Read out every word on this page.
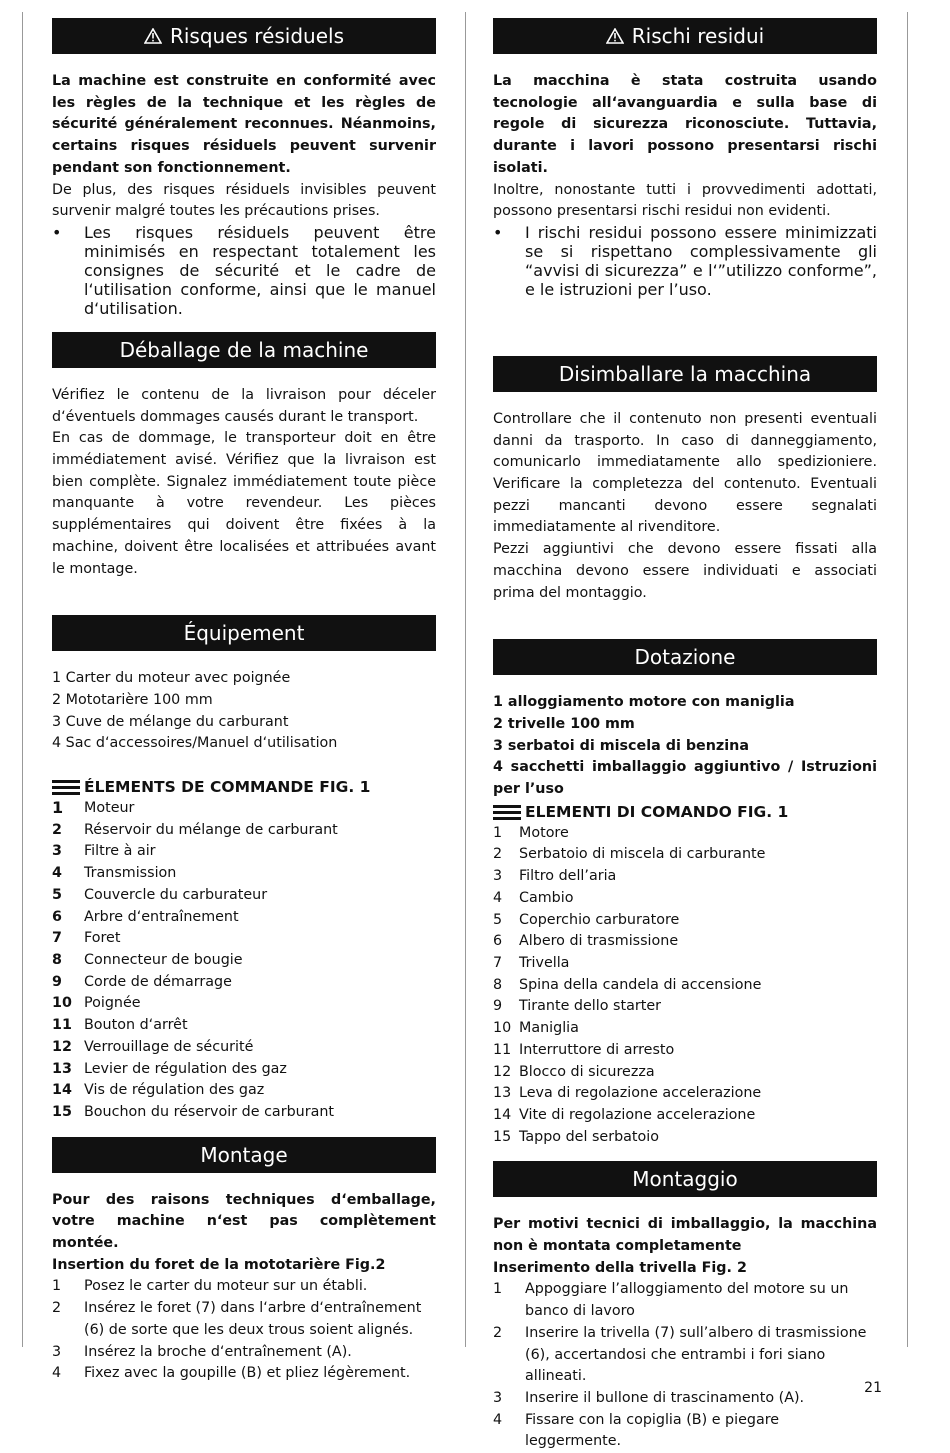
Risques résiduels

La machine est construite en conformité avec les règles de la technique et les règles de sécurité généralement reconnues. Néanmoins, certains risques résiduels peuvent survenir pendant son fonctionnement.

De plus, des risques résiduels invisibles peuvent survenir malgré toutes les précautions prises.

•	Les risques résiduels peuvent être minimisés en respectant totalement les consignes de sécurité et le cadre de l‘utilisation conforme, ainsi que le manuel d‘utilisation.
Déballage de la machine

Vérifiez le contenu de la livraison pour déceler d‘éventuels dommages causés durant le transport.
En cas de dommage, le transporteur doit en être immédiatement avisé. Vérifiez que la livraison est bien complète. Signalez immédiatement toute pièce manquante à votre revendeur. Les pièces supplémentaires qui doivent être fixées à la machine, doivent être localisées et attribuées avant le montage.

Équipement

1 Carter du moteur avec poignée

2 Mototarière 100 mm

3 Cuve de mélange du carburant

4 Sac d‘accessoires/Manuel d‘utilisation

ÉLEMENTS DE COMMANDE FIG. 1
1	Moteur
2	Réservoir du mélange de carburant
3	Filtre à air
4	Transmission
5	Couvercle du carburateur
6	Arbre d‘entraînement
7	Foret
8	Connecteur de bougie
9	Corde de démarrage
10 Poignée
11 Bouton d‘arrêt
12 Verrouillage de sécurité
13 Levier de régulation des gaz
14 Vis de régulation des gaz
15 Bouchon du réservoir de carburant
Montage

Pour des raisons techniques d‘emballage, votre machine n‘est pas complètement montée.

Insertion du foret de la mototarière Fig.2

1	Posez le carter du moteur sur un établi.
2	Insérez le foret (7) dans l‘arbre d‘entraînement (6) de sorte que les deux trous soient alignés.
3	Insérez la broche d‘entraînement (A).
4	Fixez avec la goupille (B) et pliez légèrement.
Rischi residui

La macchina è stata costruita usando tecnologie all‘avanguardia e sulla base di regole di sicurezza riconosciute. Tuttavia, durante i lavori possono presentarsi rischi isolati.

Inoltre, nonostante tutti i provvedimenti adottati, possono presentarsi rischi residui non evidenti.

•	I rischi residui possono essere minimizzati se si rispettano complessivamente gli “avvisi di sicurezza” e l‘”utilizzo conforme”, e le istruzioni per l’uso.
Disimballare la macchina

Controllare che il contenuto non presenti eventuali danni da trasporto. In caso di danneggiamento, comunicarlo immediatamente allo spedizioniere. Verificare la completezza del contenuto. Eventuali pezzi mancanti devono essere segnalati immediatamente al rivenditore.
Pezzi aggiuntivi che devono essere fissati alla macchina devono essere individuati e associati prima del montaggio.

Dotazione

1 alloggiamento motore con maniglia

2 trivelle 100 mm

3 serbatoi di miscela di benzina

4 sacchetti imballaggio aggiuntivo / Istruzioni per l’uso

ELEMENTI DI COMANDO FIG. 1
1	Motore
2	Serbatoio di miscela di carburante
3	Filtro dell’aria
4	Cambio
5	Coperchio carburatore
6	Albero di trasmissione
7	Trivella
8	Spina della candela di accensione
9	Tirante dello starter
10 Maniglia
11 Interruttore di arresto
12 Blocco di sicurezza
13 Leva di regolazione accelerazione
14 Vite di regolazione accelerazione
15 Tappo del serbatoio
Montaggio

Per motivi tecnici di imballaggio, la macchina non è montata completamente

Inserimento della trivella Fig. 2

1	Appoggiare l’alloggiamento del motore su un banco di lavoro
2	Inserire la trivella (7) sull’albero di trasmissione (6), accertandosi che entrambi i fori siano allineati.
3	Inserire il bullone di trascinamento (A).
4	Fissare con la copiglia (B) e piegare leggermente.
21
